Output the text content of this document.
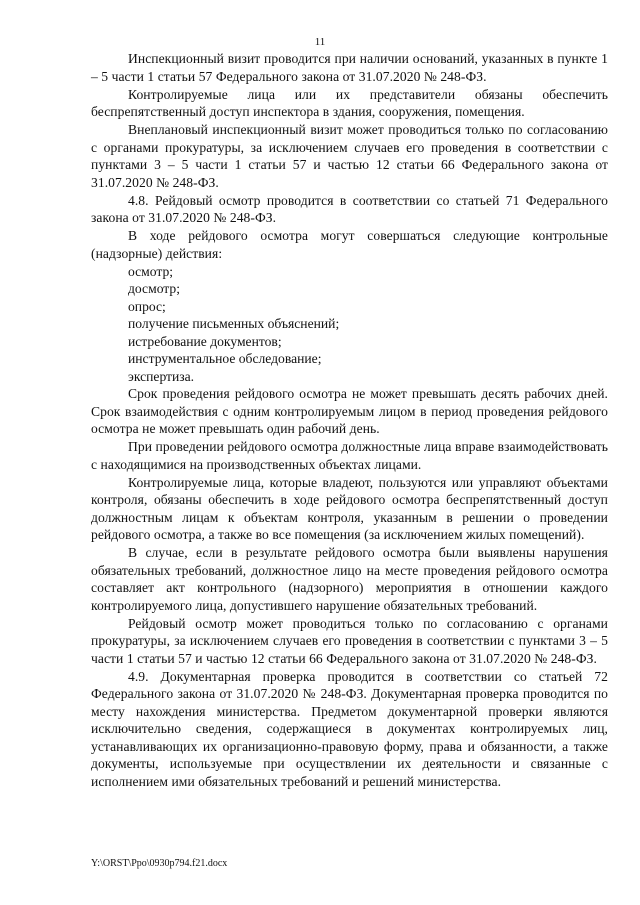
11

Инспекционный визит проводится при наличии оснований, указанных в пункте 1 – 5 части 1 статьи 57 Федерального закона от 31.07.2020 № 248-ФЗ.

Контролируемые лица или их представители обязаны обеспечить беспрепятственный доступ инспектора в здания, сооружения, помещения.

Внеплановый инспекционный визит может проводиться только по согласованию с органами прокуратуры, за исключением случаев его проведения в соответствии с пунктами 3 – 5 части 1 статьи 57 и частью 12 статьи 66 Федерального закона от 31.07.2020 № 248-ФЗ.

4.8. Рейдовый осмотр проводится в соответствии со статьей 71 Федерального закона от 31.07.2020 № 248-ФЗ.

В ходе рейдового осмотра могут совершаться следующие контрольные (надзорные) действия:

осмотр;

досмотр;

опрос;

получение письменных объяснений;

истребование документов;

инструментальное обследование;

экспертиза.

Срок проведения рейдового осмотра не может превышать десять рабочих дней. Срок взаимодействия с одним контролируемым лицом в период проведения рейдового осмотра не может превышать один рабочий день.

При проведении рейдового осмотра должностные лица вправе взаимодействовать с находящимися на производственных объектах лицами.

Контролируемые лица, которые владеют, пользуются или управляют объектами контроля, обязаны обеспечить в ходе рейдового осмотра беспрепятственный доступ должностным лицам к объектам контроля, указанным в решении о проведении рейдового осмотра, а также во все помещения (за исключением жилых помещений).

В случае, если в результате рейдового осмотра были выявлены нарушения обязательных требований, должностное лицо на месте проведения рейдового осмотра составляет акт контрольного (надзорного) мероприятия в отношении каждого контролируемого лица, допустившего нарушение обязательных требований.

Рейдовый осмотр может проводиться только по согласованию с органами прокуратуры, за исключением случаев его проведения в соответствии с пунктами 3 – 5 части 1 статьи 57 и частью 12 статьи 66 Федерального закона от 31.07.2020 № 248-ФЗ.

4.9. Документарная проверка проводится в соответствии со статьей 72 Федерального закона от 31.07.2020 № 248-ФЗ. Документарная проверка проводится по месту нахождения министерства. Предметом документарной проверки являются исключительно сведения, содержащиеся в документах контролируемых лиц, устанавливающих их организационно-правовую форму, права и обязанности, а также документы, используемые при осуществлении их деятельности и связанные с исполнением ими обязательных требований и решений министерства.

Y:\ORST\Ppo\0930p794.f21.docx
